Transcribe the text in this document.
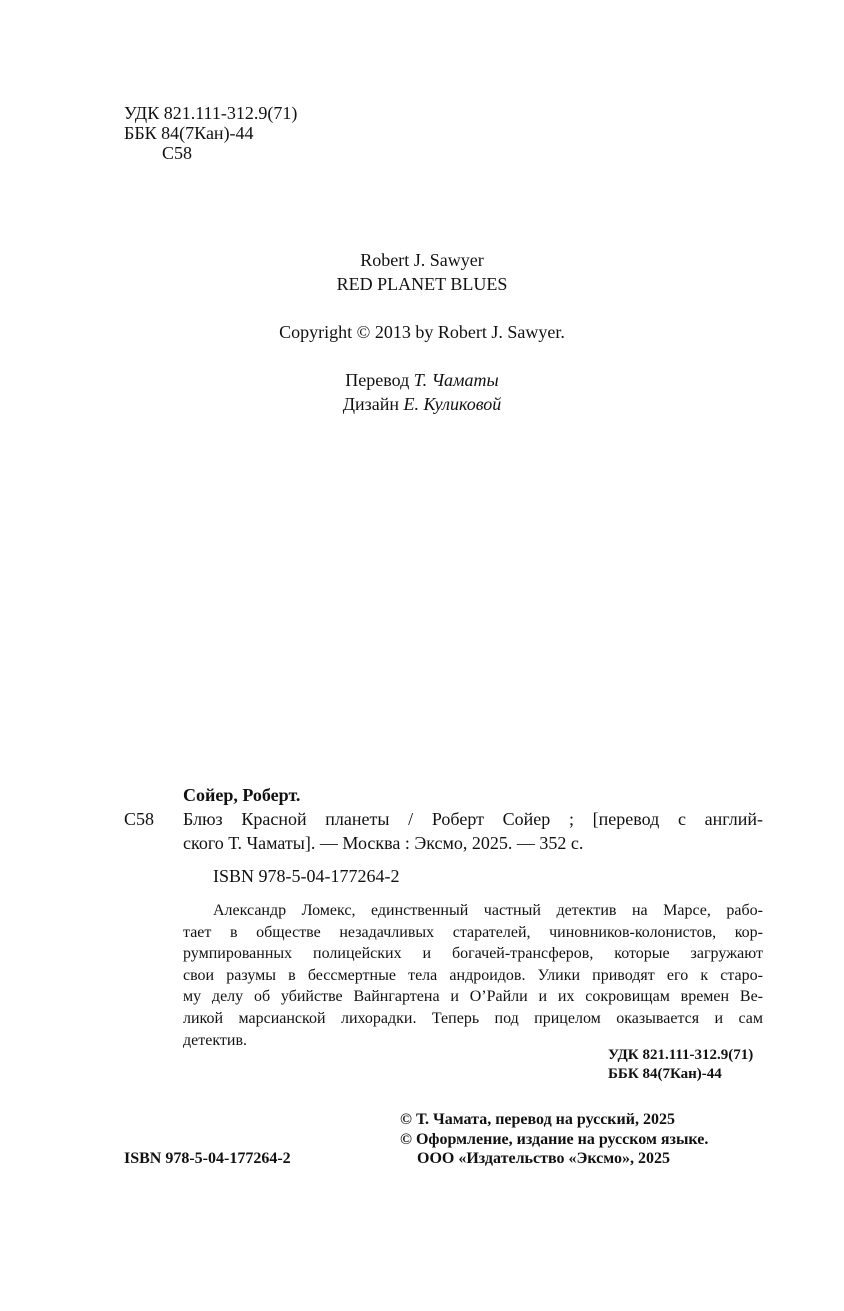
УДК 821.111-312.9(71)
ББК 84(7Кан)-44
С58
Robert J. Sawyer
RED PLANET BLUES
Copyright © 2013 by Robert J. Sawyer.
Перевод Т. Чаматы
Дизайн Е. Куликовой
Сойер, Роберт.
С58 Блюз Красной планеты / Роберт Сойер ; [перевод с англий-
ского Т. Чаматы]. — Москва : Эксмо, 2025. — 352 с.
ISBN 978-5-04-177264-2
Александр Ломекс, единственный частный детектив на Марсе, рабо-
тает в обществе незадачливых старателей, чиновников-колонистов, кор-
румпированных полицейских и богачей-трансферов, которые загружают
свои разумы в бессмертные тела андроидов. Улики приводят его к старо-
му делу об убийстве Вайнгартена и О’Райли и их сокровищам времен Ве-
ликой марсианской лихорадки. Теперь под прицелом оказывается и сам
детектив.
УДК 821.111-312.9(71)
ББК 84(7Кан)-44
ISBN 978-5-04-177264-2
© Т. Чамата, перевод на русский, 2025
© Оформление, издание на русском языке.
ООО «Издательство «Эксмо», 2025
